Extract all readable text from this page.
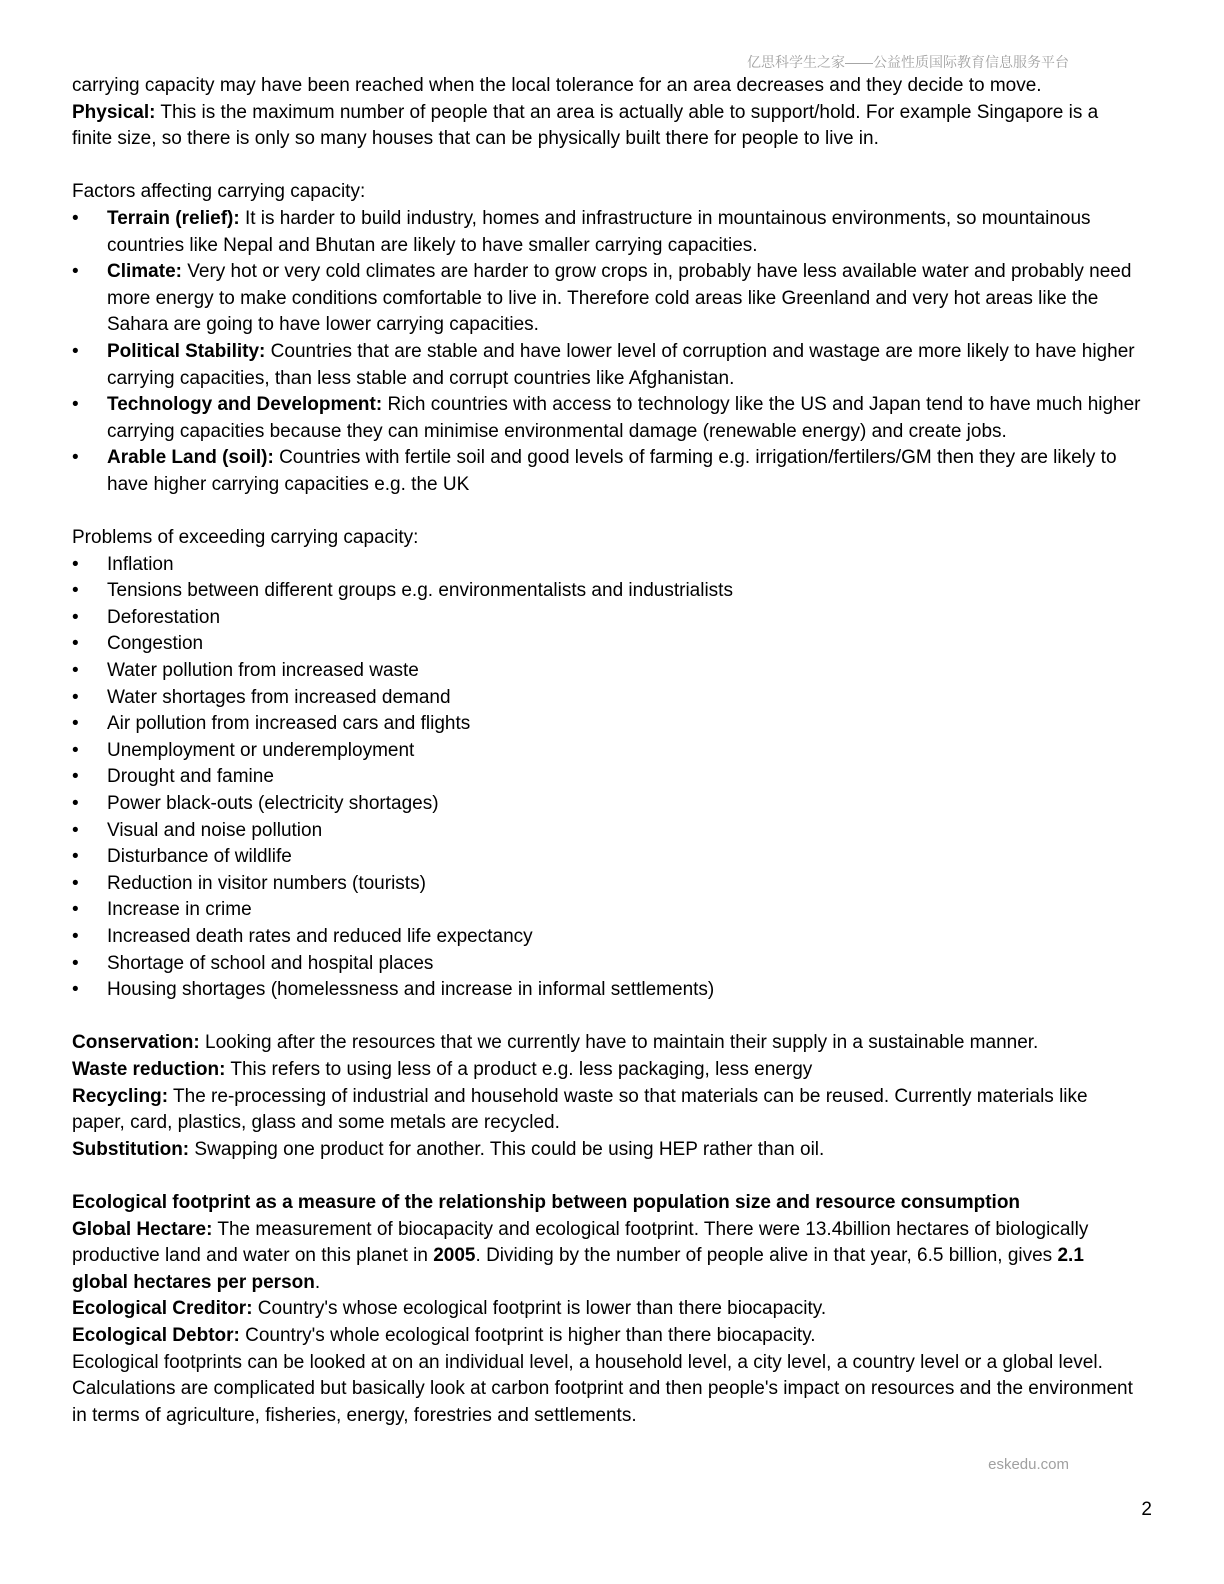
亿思科学生之家——公益性质国际教育信息服务平台

carrying capacity may have been reached when the local tolerance for an area decreases and they decide to move.

Physical: This is the maximum number of people that an area is actually able to support/hold. For example Singapore is a finite size, so there is only so many houses that can be physically built there for people to live in.

Factors affecting carrying capacity:

• Terrain (relief): It is harder to build industry, homes and infrastructure in mountainous environments, so mountainous countries like Nepal and Bhutan are likely to have smaller carrying capacities.
• Climate: Very hot or very cold climates are harder to grow crops in, probably have less available water and probably need more energy to make conditions comfortable to live in. Therefore cold areas like Greenland and very hot areas like the Sahara are going to have lower carrying capacities.
• Political Stability: Countries that are stable and have lower level of corruption and wastage are more likely to have higher carrying capacities, than less stable and corrupt countries like Afghanistan.
• Technology and Development: Rich countries with access to technology like the US and Japan tend to have much higher carrying capacities because they can minimise environmental damage (renewable energy) and create jobs.
• Arable Land (soil): Countries with fertile soil and good levels of farming e.g. irrigation/fertilers/GM then they are likely to have higher carrying capacities e.g. the UK

Problems of exceeding carrying capacity:

• Inflation
• Tensions between different groups e.g. environmentalists and industrialists
• Deforestation
• Congestion
• Water pollution from increased waste
• Water shortages from increased demand
• Air pollution from increased cars and flights
• Unemployment or underemployment
• Drought and famine
• Power black-outs (electricity shortages)
• Visual and noise pollution
• Disturbance of wildlife
• Reduction in visitor numbers (tourists)
• Increase in crime
• Increased death rates and reduced life expectancy
• Shortage of school and hospital places
• Housing shortages (homelessness and increase in informal settlements)

Conservation: Looking after the resources that we currently have to maintain their supply in a sustainable manner.

Waste reduction: This refers to using less of a product e.g. less packaging, less energy

Recycling: The re-processing of industrial and household waste so that materials can be reused. Currently materials like paper, card, plastics, glass and some metals are recycled.

Substitution: Swapping one product for another. This could be using HEP rather than oil.

Ecological footprint as a measure of the relationship between population size and resource consumption

Global Hectare: The measurement of biocapacity and ecological footprint. There were 13.4billion hectares of biologically productive land and water on this planet in 2005. Dividing by the number of people alive in that year, 6.5 billion, gives 2.1 global hectares per person.

Ecological Creditor: Country's whose ecological footprint is lower than there biocapacity.

Ecological Debtor: Country's whole ecological footprint is higher than there biocapacity.

Ecological footprints can be looked at on an individual level, a household level, a city level, a country level or a global level. Calculations are complicated but basically look at carbon footprint and then people's impact on resources and the environment in terms of agriculture, fisheries, energy, forestries and settlements.

eskedu.com
2
